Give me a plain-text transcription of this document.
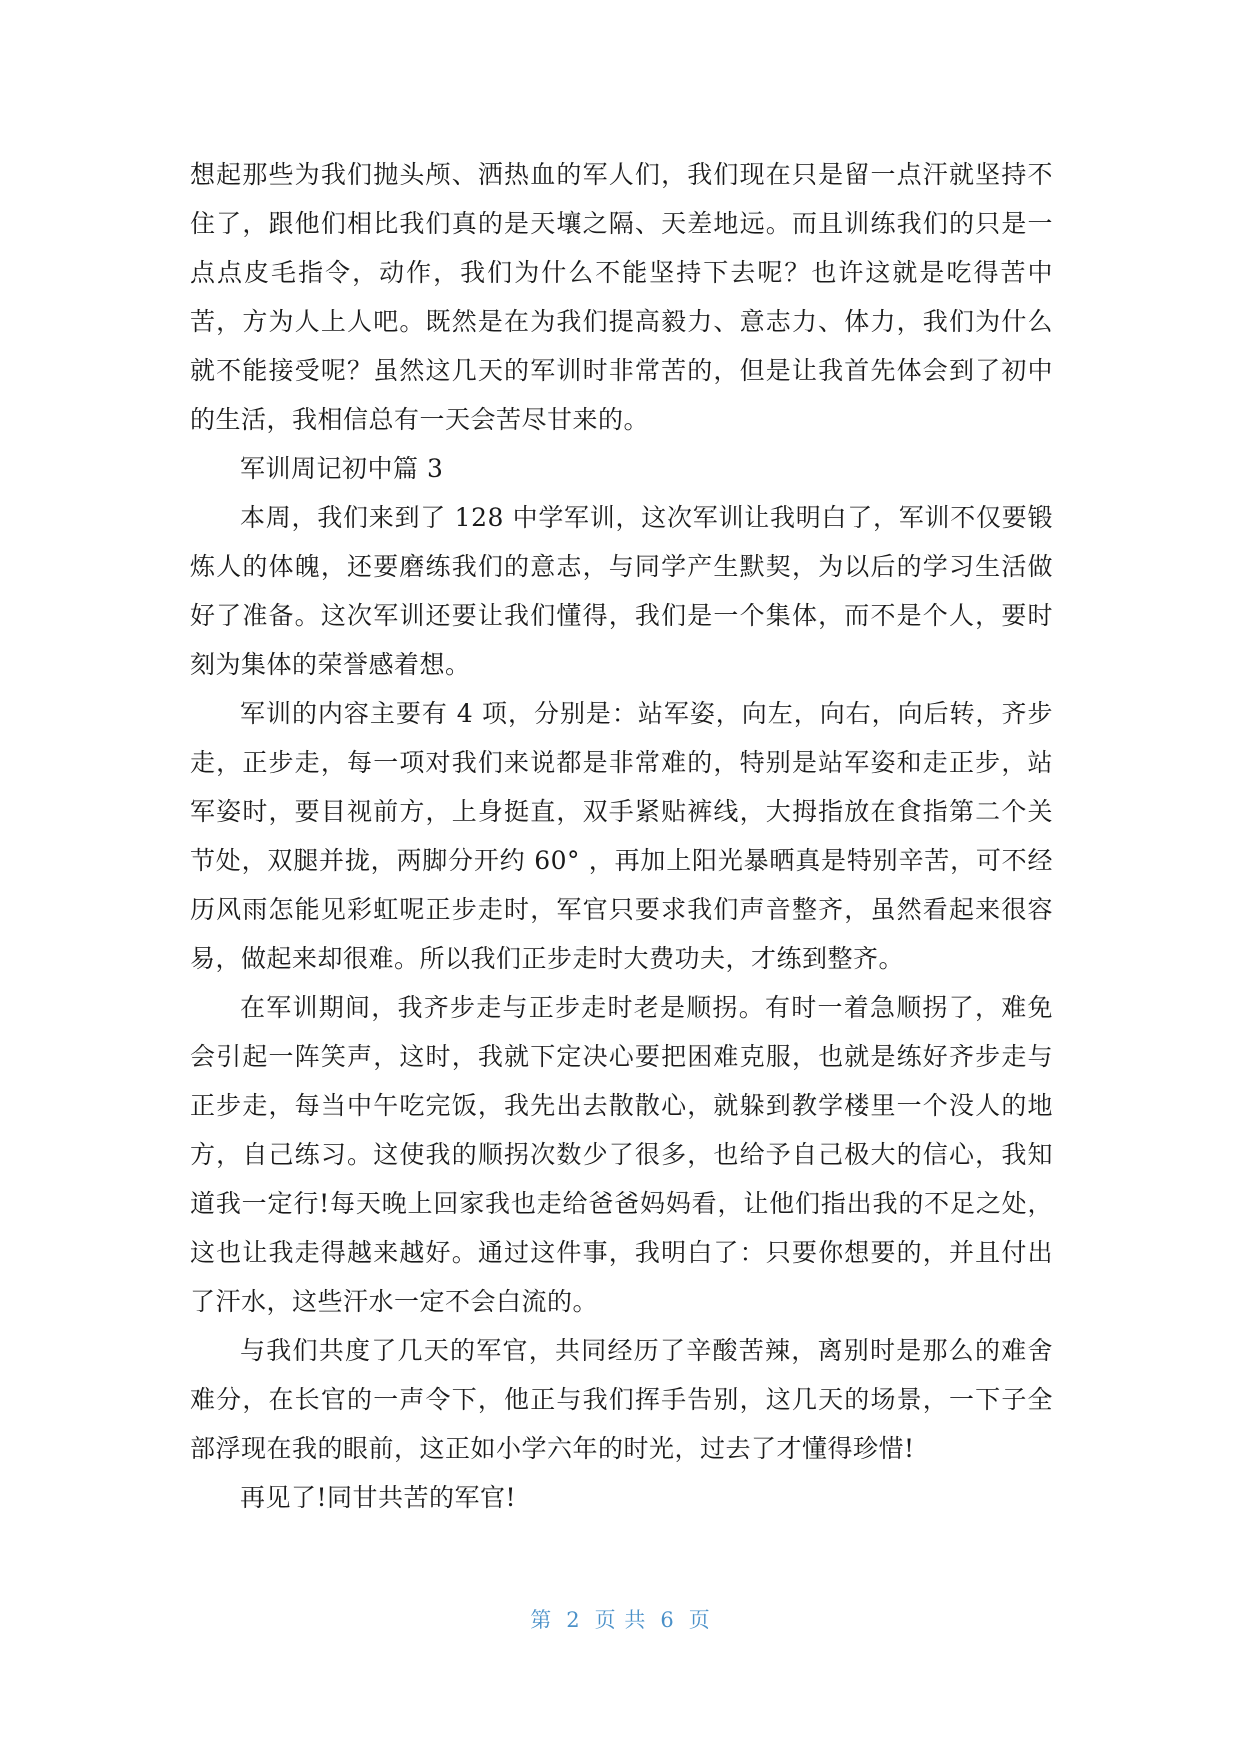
想起那些为我们抛头颅、洒热血的军人们，我们现在只是留一点汗就坚持不住了，跟他们相比我们真的是天壤之隔、天差地远。而且训练我们的只是一点点皮毛指令，动作，我们为什么不能坚持下去呢？也许这就是吃得苦中苦，方为人上人吧。既然是在为我们提高毅力、意志力、体力，我们为什么就不能接受呢？虽然这几天的军训时非常苦的，但是让我首先体会到了初中的生活，我相信总有一天会苦尽甘来的。

军训周记初中篇 3

本周，我们来到了 128 中学军训，这次军训让我明白了，军训不仅要锻炼人的体魄，还要磨练我们的意志，与同学产生默契，为以后的学习生活做好了准备。这次军训还要让我们懂得，我们是一个集体，而不是个人，要时刻为集体的荣誉感着想。

军训的内容主要有 4 项，分别是：站军姿，向左，向右，向后转，齐步走，正步走，每一项对我们来说都是非常难的，特别是站军姿和走正步，站军姿时，要目视前方，上身挺直，双手紧贴裤线，大拇指放在食指第二个关节处，双腿并拢，两脚分开约 60° ，再加上阳光暴晒真是特别辛苦，可不经历风雨怎能见彩虹呢正步走时，军官只要求我们声音整齐，虽然看起来很容易，做起来却很难。所以我们正步走时大费功夫，才练到整齐。

在军训期间，我齐步走与正步走时老是顺拐。有时一着急顺拐了，难免会引起一阵笑声，这时，我就下定决心要把困难克服，也就是练好齐步走与正步走，每当中午吃完饭，我先出去散散心，就躲到教学楼里一个没人的地方，自己练习。这使我的顺拐次数少了很多，也给予自己极大的信心，我知道我一定行!每天晚上回家我也走给爸爸妈妈看，让他们指出我的不足之处，这也让我走得越来越好。通过这件事，我明白了：只要你想要的，并且付出了汗水，这些汗水一定不会白流的。

与我们共度了几天的军官，共同经历了辛酸苦辣，离别时是那么的难舍难分，在长官的一声令下，他正与我们挥手告别，这几天的场景，一下子全部浮现在我的眼前，这正如小学六年的时光，过去了才懂得珍惜!

再见了!同甘共苦的军官!

第 2 页 共 6 页
